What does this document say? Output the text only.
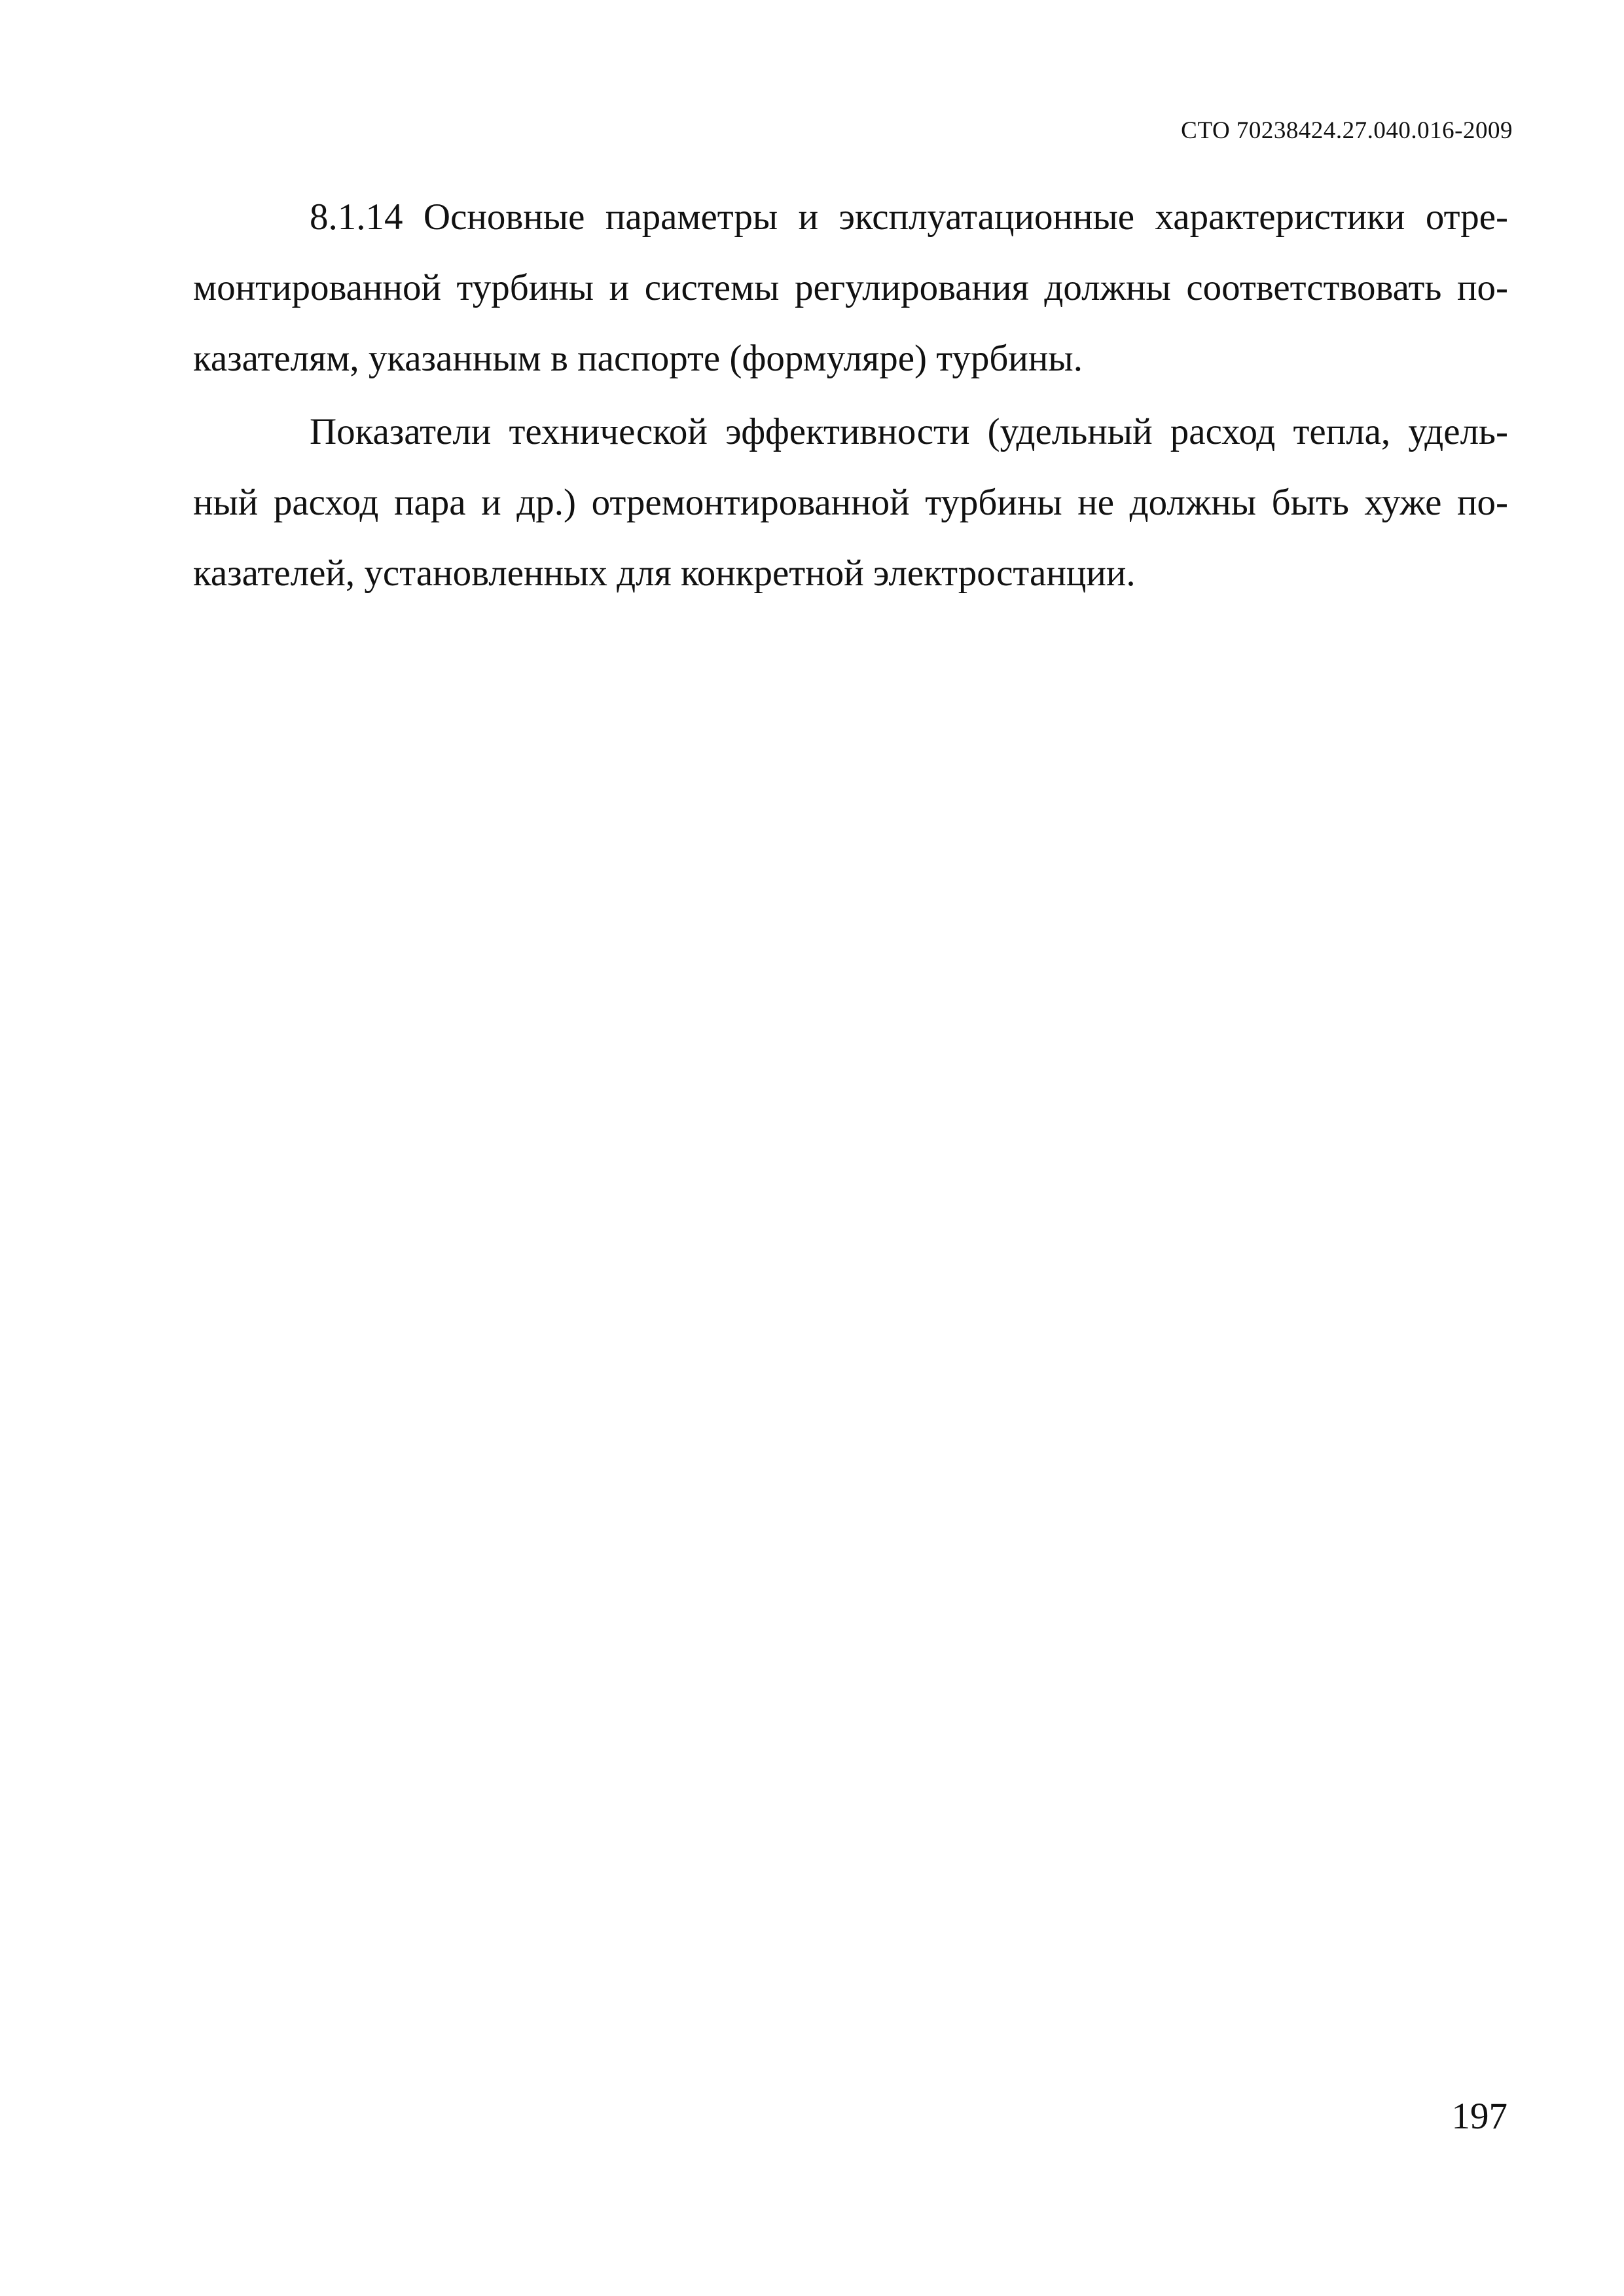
СТО 70238424.27.040.016-2009
8.1.14 Основные параметры и эксплуатационные характеристики отре-
монтированной турбины и системы регулирования должны соответствовать по-
казателям, указанным в паспорте (формуляре) турбины.
Показатели технической эффективности (удельный расход тепла, удель-
ный расход пара и др.) отремонтированной турбины не должны быть хуже по-
казателей, установленных для конкретной электростанции.
197
